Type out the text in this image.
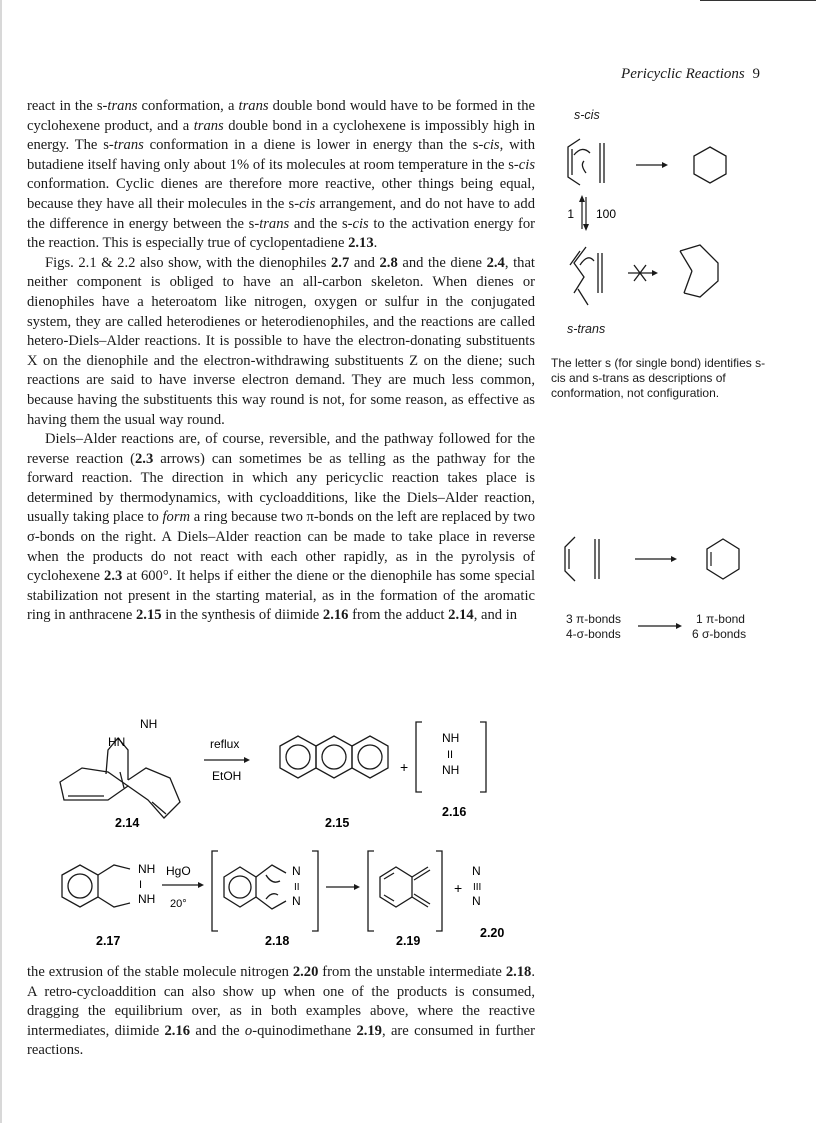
Pericyclic Reactions 9

react in the s-trans conformation, a trans double bond would have to be formed in the cyclohexene product, and a trans double bond in a cyclohexene is impossibly high in energy. The s-trans conformation in a diene is lower in energy than the s-cis, with butadiene itself having only about 1% of its molecules at room temperature in the s-cis conformation. Cyclic dienes are therefore more reactive, other things being equal, because they have all their molecules in the s-cis arrangement, and do not have to add the difference in energy between the s-trans and the s-cis to the activation energy for the reaction. This is especially true of cyclopentadiene 2.13.

Figs. 2.1 & 2.2 also show, with the dienophiles 2.7 and 2.8 and the diene 2.4, that neither component is obliged to have an all-carbon skeleton. When dienes or dienophiles have a heteroatom like nitrogen, oxygen or sulfur in the conjugated system, they are called heterodienes or heterodienophiles, and the reactions are called hetero-Diels–Alder reactions. It is possible to have the electron-donating substituents X on the dienophile and the electron-withdrawing substituents Z on the diene; such reactions are said to have inverse electron demand. They are much less common, because having the substituents this way round is not, for some reason, as effective as having them the usual way round.

Diels–Alder reactions are, of course, reversible, and the pathway followed for the reverse reaction (2.3 arrows) can sometimes be as telling as the pathway for the forward reaction. The direction in which any pericyclic reaction takes place is determined by thermodynamics, with cycloadditions, like the Diels–Alder reaction, usually taking place to form a ring because two π-bonds on the left are replaced by two σ-bonds on the right. A Diels–Alder reaction can be made to take place in reverse when the products do not react with each other rapidly, as in the pyrolysis of cyclohexene 2.3 at 600°. It helps if either the diene or the dienophile has some special stabilization not present in the starting material, as in the formation of the aromatic ring in anthracene 2.15 in the synthesis of diimide 2.16 from the adduct 2.14, and in

the extrusion of the stable molecule nitrogen 2.20 from the unstable intermediate 2.18. A retro-cycloaddition can also show up when one of the products is consumed, dragging the equilibrium over, as in both examples above, where the reactive intermediates, diimide 2.16 and the o-quinodimethane 2.19, are consumed in further reactions.

s-cis
1 100
s-trans
The letter s (for single bond) identifies s-cis and s-trans as descriptions of conformation, not configuration.
3 π-bonds
4-σ-bonds
1 π-bond
6 σ-bonds
NH
HN	reflux
EtOH
+
NH
II
NH
2.14	2.15
2.16
NH
I
NH
HgO
20°
N
II
N
+
N
III
N
2.17	2.18	2.19
2.20
